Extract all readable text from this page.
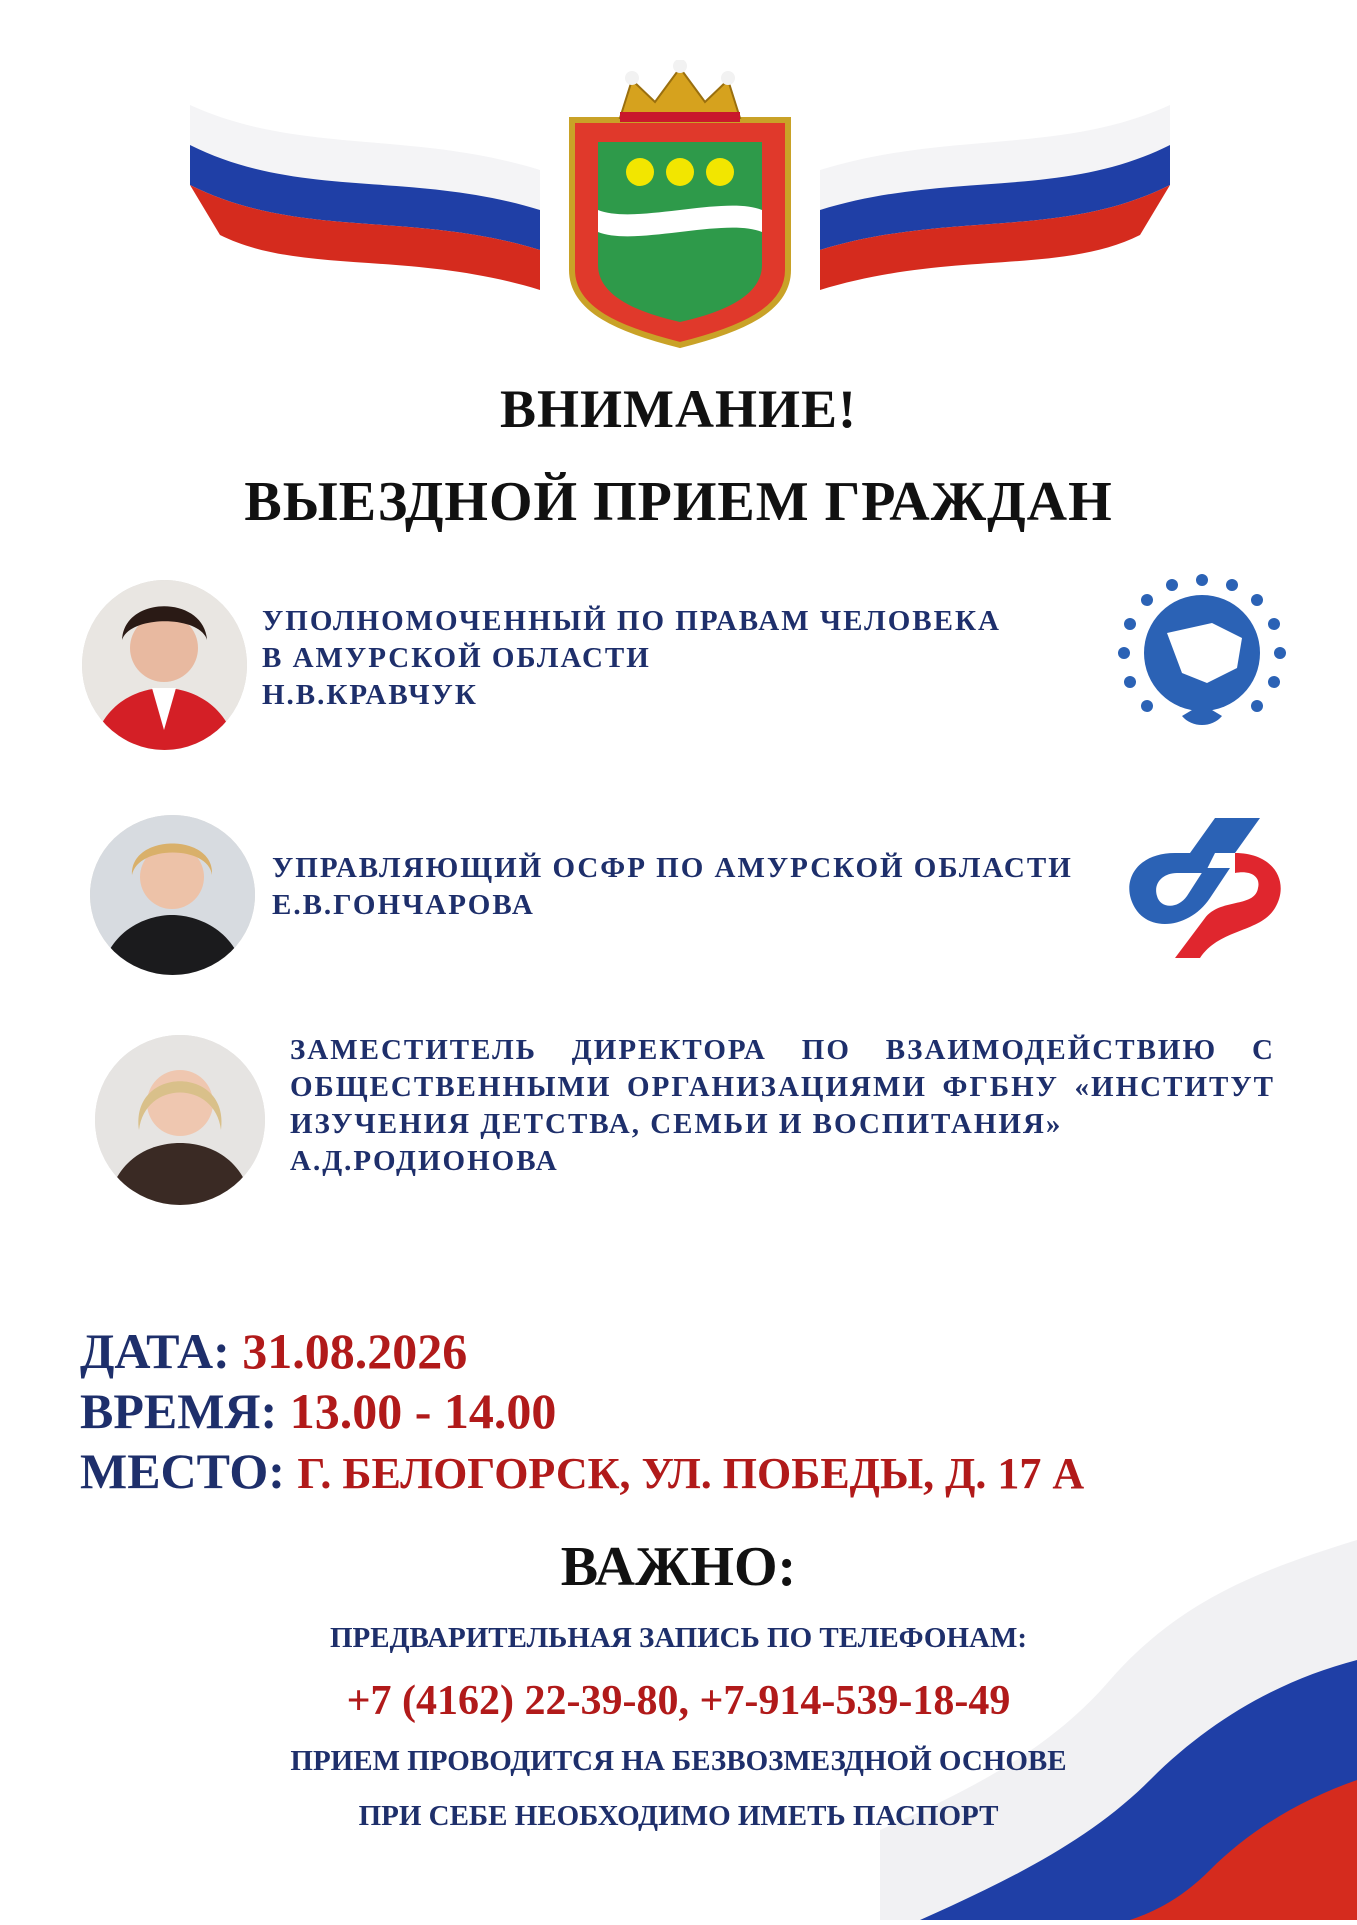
ВНИМАНИЕ!
ВЫЕЗДНОЙ ПРИЕМ ГРАЖДАН
УПОЛНОМОЧЕННЫЙ ПО ПРАВАМ ЧЕЛОВЕКА
В АМУРСКОЙ ОБЛАСТИ
Н.В.КРАВЧУК
УПРАВЛЯЮЩИЙ ОСФР ПО АМУРСКОЙ ОБЛАСТИ
Е.В.ГОНЧАРОВА
ЗАМЕСТИТЕЛЬ ДИРЕКТОРА ПО ВЗАИМОДЕЙСТВИЮ С ОБЩЕСТВЕННЫМИ ОРГАНИЗАЦИЯМИ ФГБНУ «ИНСТИТУТ ИЗУЧЕНИЯ ДЕТСТВА, СЕМЬИ И ВОСПИТАНИЯ»
А.Д.РОДИОНОВА
ДАТА: 31.08.2026
ВРЕМЯ: 13.00 - 14.00
МЕСТО: Г. БЕЛОГОРСК, УЛ. ПОБЕДЫ, Д. 17 А
ВАЖНО:
ПРЕДВАРИТЕЛЬНАЯ ЗАПИСЬ ПО ТЕЛЕФОНАМ:
+7 (4162) 22-39-80, +7-914-539-18-49
ПРИЕМ ПРОВОДИТСЯ НА БЕЗВОЗМЕЗДНОЙ ОСНОВЕ
ПРИ СЕБЕ НЕОБХОДИМО ИМЕТЬ ПАСПОРТ
